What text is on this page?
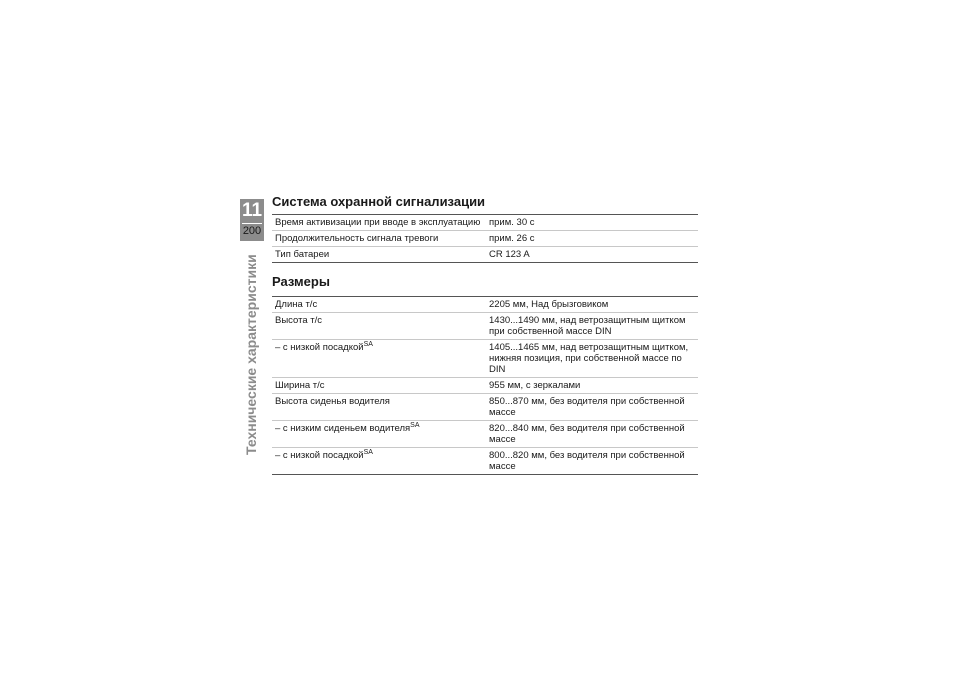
11
200
Технические характеристики
Система охранной сигнализации
Время активизации при вводе в эксплуатацию	прим. 30 с
Продолжительность сигнала тревоги	прим. 26 с
Тип батареи	CR 123 A
Размеры
Длина т/с	2205 мм, Над брызговиком
Высота т/с	1430...1490 мм, над ветрозащитным щитком при собственной массе DIN
– с низкой посадкой$^{SA}$	1405...1465 мм, над ветрозащитным щитком, нижняя позиция, при собственной массе по DIN
Ширина т/с	955 мм, с зеркалами
Высота сиденья водителя	850...870 мм, без водителя при собственной массе
– с низким сиденьем водителя$^{SA}$	820...840 мм, без водителя при собственной массе
– с низкой посадкой$^{SA}$	800...820 мм, без водителя при собственной массе
